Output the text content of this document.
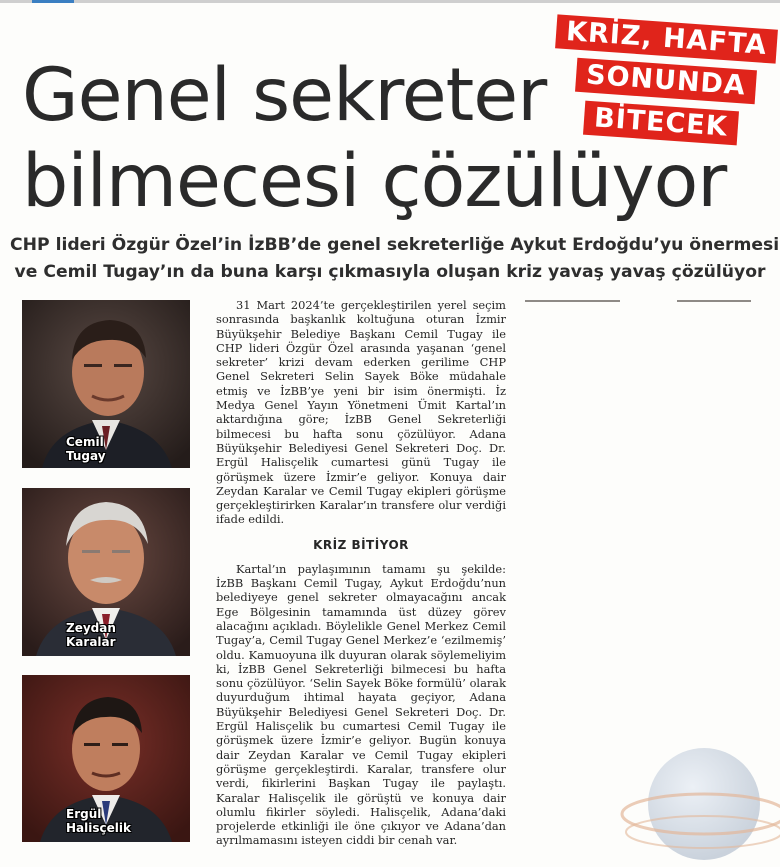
Genel sekreter
bilmecesi çözülüyor
KRİZ, HAFTA
SONUNDA
BİTECEK

CHP lideri Özgür Özel’in İzBB’de genel sekreterliğe Aykut Erdoğdu’yu önermesi
ve Cemil Tugay’ın da buna karşı çıkmasıyla oluşan kriz yavaş yavaş çözülüyor

Cemil
Tugay
Zeydan
Karalar
Ergül
Halisçelik

31 Mart 2024’te gerçekleştirilen yerel seçim sonrasında başkanlık koltuğuna oturan İzmir Büyükşehir Belediye Başkanı Cemil Tugay ile CHP lideri Özgür Özel arasında yaşanan ‘genel sekreter’ krizi devam ederken gerilime CHP Genel Sekreteri Selin Sayek Böke müdahale etmiş ve İzBB’ye yeni bir isim önermişti. İz Medya Genel Yayın Yönetmeni Ümit Kartal’ın aktardığına göre; İzBB Genel Sekreterliği bilmecesi bu hafta sonu çözülüyor. Adana Büyükşehir Belediyesi Genel Sekreteri Doç. Dr. Ergül Halisçelik cumartesi günü Tugay ile görüşmek üzere İzmir’e geliyor. Konuya dair Zeydan Karalar ve Cemil Tugay ekipleri görüşme gerçekleştirirken Karalar’ın transfere olur verdiği ifade edildi.

KRİZ BİTİYOR

Kartal’ın paylaşımının tamamı şu şekilde: İzBB Başkanı Cemil Tugay, Aykut Erdoğdu’nun belediyeye genel sekreter olmayacağını ancak Ege Bölgesinin tamamında üst düzey görev alacağını açıkladı. Böylelikle Genel Merkez Cemil Tugay’a, Cemil Tugay Genel Merkez’e ‘ezilmemiş’ oldu. Kamuoyuna ilk duyuran olarak söylemeliyim ki, İzBB Genel Sekreterliği bilmecesi bu hafta sonu çözülüyor. ‘Selin Sayek Böke formülü’ olarak duyurduğum ihtimal hayata geçiyor, Adana Büyükşehir Belediyesi Genel Sekreteri Doç. Dr. Ergül Halisçelik bu cumartesi Cemil Tugay ile görüşmek üzere İzmir’e geliyor. Bugün konuya dair Zeydan Karalar ve Cemil Tugay ekipleri görüşme gerçekleştirdi. Karalar, transfere olur verdi, fikirlerini Başkan Tugay ile paylaştı. Karalar Halisçelik ile görüştü ve konuya dair olumlu fikirler söyledi. Halisçelik, Adana’daki projelerde etkinliği ile öne çıkıyor ve Adana’dan ayrılmamasını isteyen ciddi bir cenah var.
